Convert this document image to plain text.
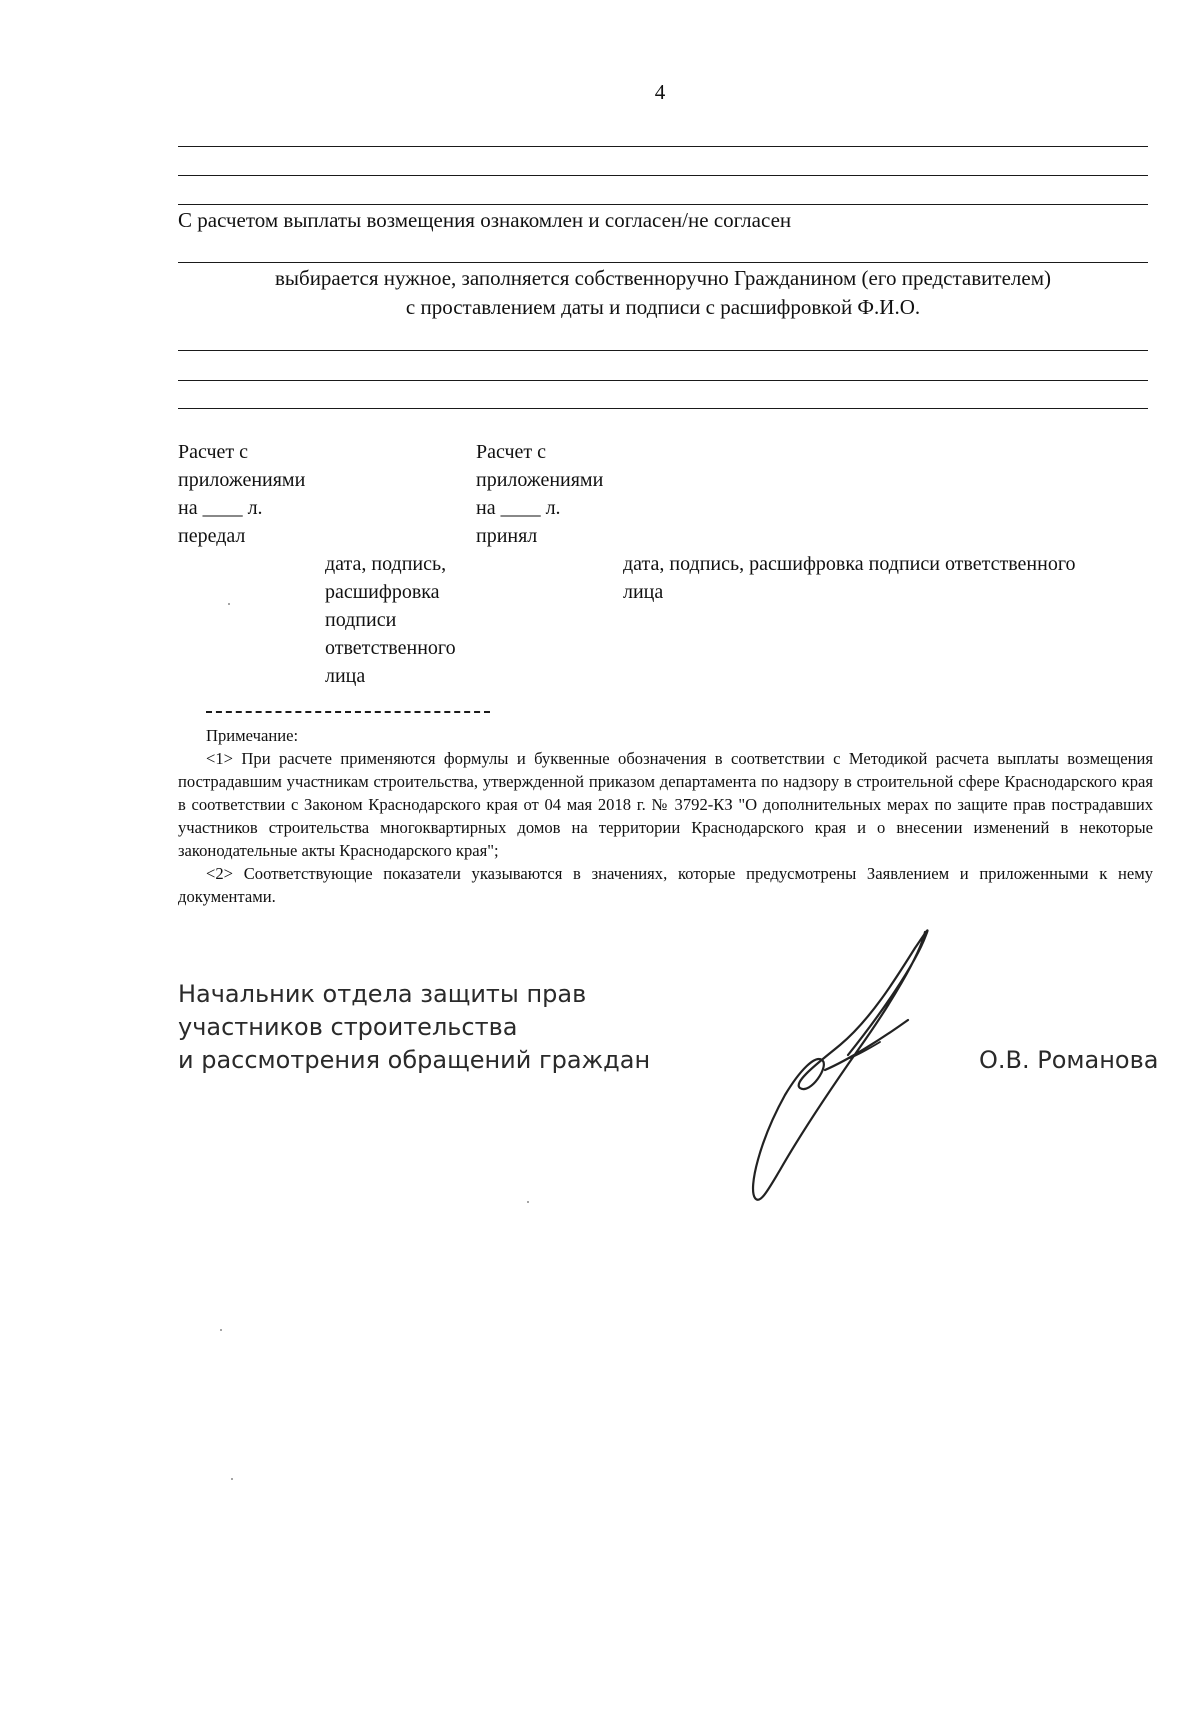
4
С расчетом выплаты возмещения ознакомлен и согласен/не согласен
выбирается нужное, заполняется собственноручно Гражданином (его представителем)
с проставлением даты и подписи с расшифровкой Ф.И.О.
Расчет с
приложениями
на ____ л.
передал
дата, подпись,
расшифровка
подписи
ответственного
лица
Расчет с
приложениями
на ____ л.
принял
дата, подпись, расшифровка подписи ответственного
лица

Примечание:

<1> При расчете применяются формулы и буквенные обозначения в соответствии с Методикой расчета выплаты возмещения пострадавшим участникам строительства, утвержденной приказом департамента по надзору в строительной сфере Краснодарского края в соответствии с Законом Краснодарского края от 04 мая 2018 г. № 3792-КЗ "О дополнительных мерах по защите прав пострадавших участников строительства многоквартирных домов на территории Краснодарского края и о внесении изменений в некоторые законодательные акты Краснодарского края";

<2> Соответствующие показатели указываются в значениях, которые предусмотрены Заявлением и приложенными к нему документами.

Начальник отдела защиты прав
участников строительства
и рассмотрения обращений граждан	О.В. Романова
